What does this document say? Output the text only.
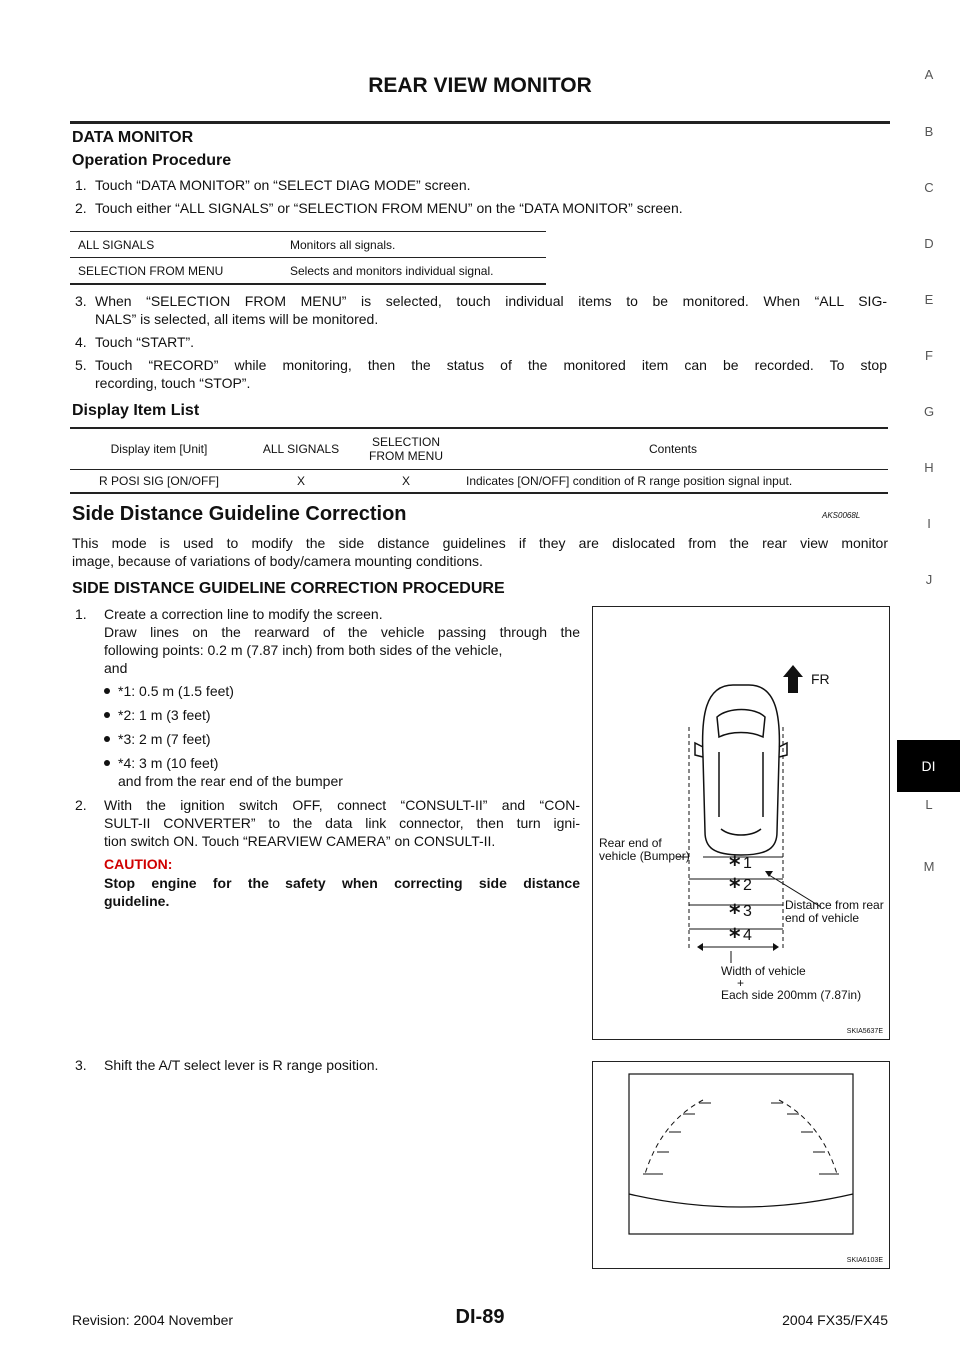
REAR VIEW MONITOR	A
B
C
D
E
F
G
H
I
J
DI
L
M
DATA MONITOR
Operation Procedure
1. Touch “DATA MONITOR” on “SELECT DIAG MODE” screen.
2. Touch either “ALL SIGNALS” or “SELECTION FROM MENU” on the “DATA MONITOR” screen.
ALL SIGNALS	Monitors all signals.
SELECTION FROM MENU	Selects and monitors individual signal.
3. When “SELECTION FROM MENU” is selected, touch individual items to be monitored. When “ALL SIG-
NALS” is selected, all items will be monitored.
4. Touch “START”.
5. Touch “RECORD” while monitoring, then the status of the monitored item can be recorded. To stop
recording, touch “STOP”.
Display Item List
Display item [Unit]	ALL SIGNALS	SELECTION
FROM MENU	Contents
R POSI SIG [ON/OFF]	X	X	Indicates [ON/OFF] condition of R range position signal input.
Side Distance Guideline Correction	AKS0068L
This mode is used to modify the side distance guidelines if they are dislocated from the rear view monitor
image, because of variations of body/camera mounting conditions.
SIDE DISTANCE GUIDELINE CORRECTION PROCEDURE
1. Create a correction line to modify the screen.
Draw lines on the rearward of the vehicle passing through the
following points: 0.2 m (7.87 inch) from both sides of the vehicle,
and
*1: 0.5 m (1.5 feet)
*2: 1 m (3 feet)
*3: 2 m (7 feet)
*4: 3 m (10 feet)
and from the rear end of the bumper
2. With the ignition switch OFF, connect “CONSULT-II” and “CON-
SULT-II CONVERTER” to the data link connector, then turn igni-
tion switch ON. Touch “REARVIEW CAMERA” on CONSULT-II.
CAUTION:
Stop engine for the safety when correcting side distance
guideline.
3. Shift the A/T select lever is R range position.
*
*
*
*
FR
Rear end of
vehicle (Bumper)	1
2
3
4
Distance from rear
end of vehicle
Width of vehicle
+
Each side 200mm (7.87in)
SKIA5637E
SKIA6103E
Revision: 2004 November	DI-89	2004 FX35/FX45
